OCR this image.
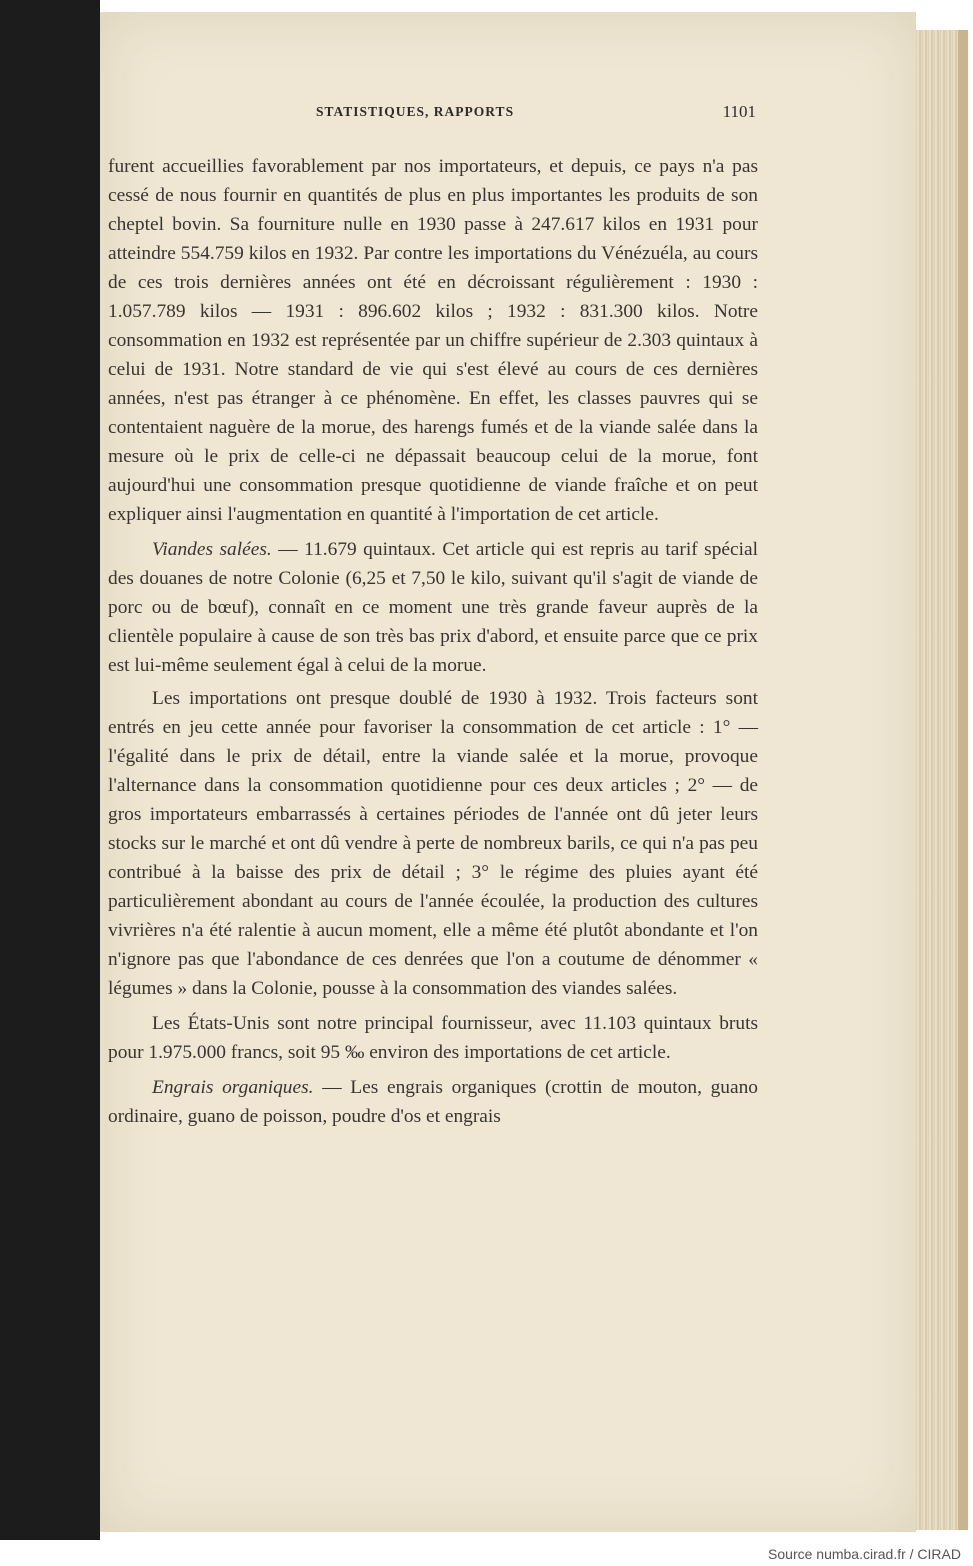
STATISTIQUES, RAPPORTS	1101

furent accueillies favorablement par nos importateurs, et depuis, ce pays n'a pas cessé de nous fournir en quantités de plus en plus importantes les produits de son cheptel bovin. Sa fourniture nulle en 1930 passe à 247.617 kilos en 1931 pour atteindre 554.759 kilos en 1932. Par contre les importations du Vénézuéla, au cours de ces trois dernières années ont été en décroissant régulièrement : 1930 : 1.057.789 kilos — 1931 : 896.602 kilos ; 1932 : 831.300 kilos. Notre consommation en 1932 est représentée par un chiffre supérieur de 2.303 quintaux à celui de 1931. Notre standard de vie qui s'est élevé au cours de ces dernières années, n'est pas étranger à ce phénomène. En effet, les classes pauvres qui se contentaient naguère de la morue, des harengs fumés et de la viande salée dans la mesure où le prix de celle-ci ne dépassait beaucoup celui de la morue, font aujourd'hui une consommation presque quotidienne de viande fraîche et on peut expliquer ainsi l'augmentation en quantité à l'importation de cet article.

Viandes salées. — 11.679 quintaux. Cet article qui est repris au tarif spécial des douanes de notre Colonie (6,25 et 7,50 le kilo, suivant qu'il s'agit de viande de porc ou de bœuf), connaît en ce moment une très grande faveur auprès de la clientèle populaire à cause de son très bas prix d'abord, et ensuite parce que ce prix est lui-même seulement égal à celui de la morue.

Les importations ont presque doublé de 1930 à 1932. Trois facteurs sont entrés en jeu cette année pour favoriser la consommation de cet article : 1° — l'égalité dans le prix de détail, entre la viande salée et la morue, provoque l'alternance dans la consommation quotidienne pour ces deux articles ; 2° — de gros importateurs embarrassés à certaines périodes de l'année ont dû jeter leurs stocks sur le marché et ont dû vendre à perte de nombreux barils, ce qui n'a pas peu contribué à la baisse des prix de détail ; 3° le régime des pluies ayant été particulièrement abondant au cours de l'année écoulée, la production des cultures vivrières n'a été ralentie à aucun moment, elle a même été plutôt abondante et l'on n'ignore pas que l'abondance de ces denrées que l'on a coutume de dénommer « légumes » dans la Colonie, pousse à la consommation des viandes salées.

Les États-Unis sont notre principal fournisseur, avec 11.103 quintaux bruts pour 1.975.000 francs, soit 95 ‰ environ des importations de cet article.

Engrais organiques. — Les engrais organiques (crottin de mouton, guano ordinaire, guano de poisson, poudre d'os et engrais

Source numba.cirad.fr / CIRAD
